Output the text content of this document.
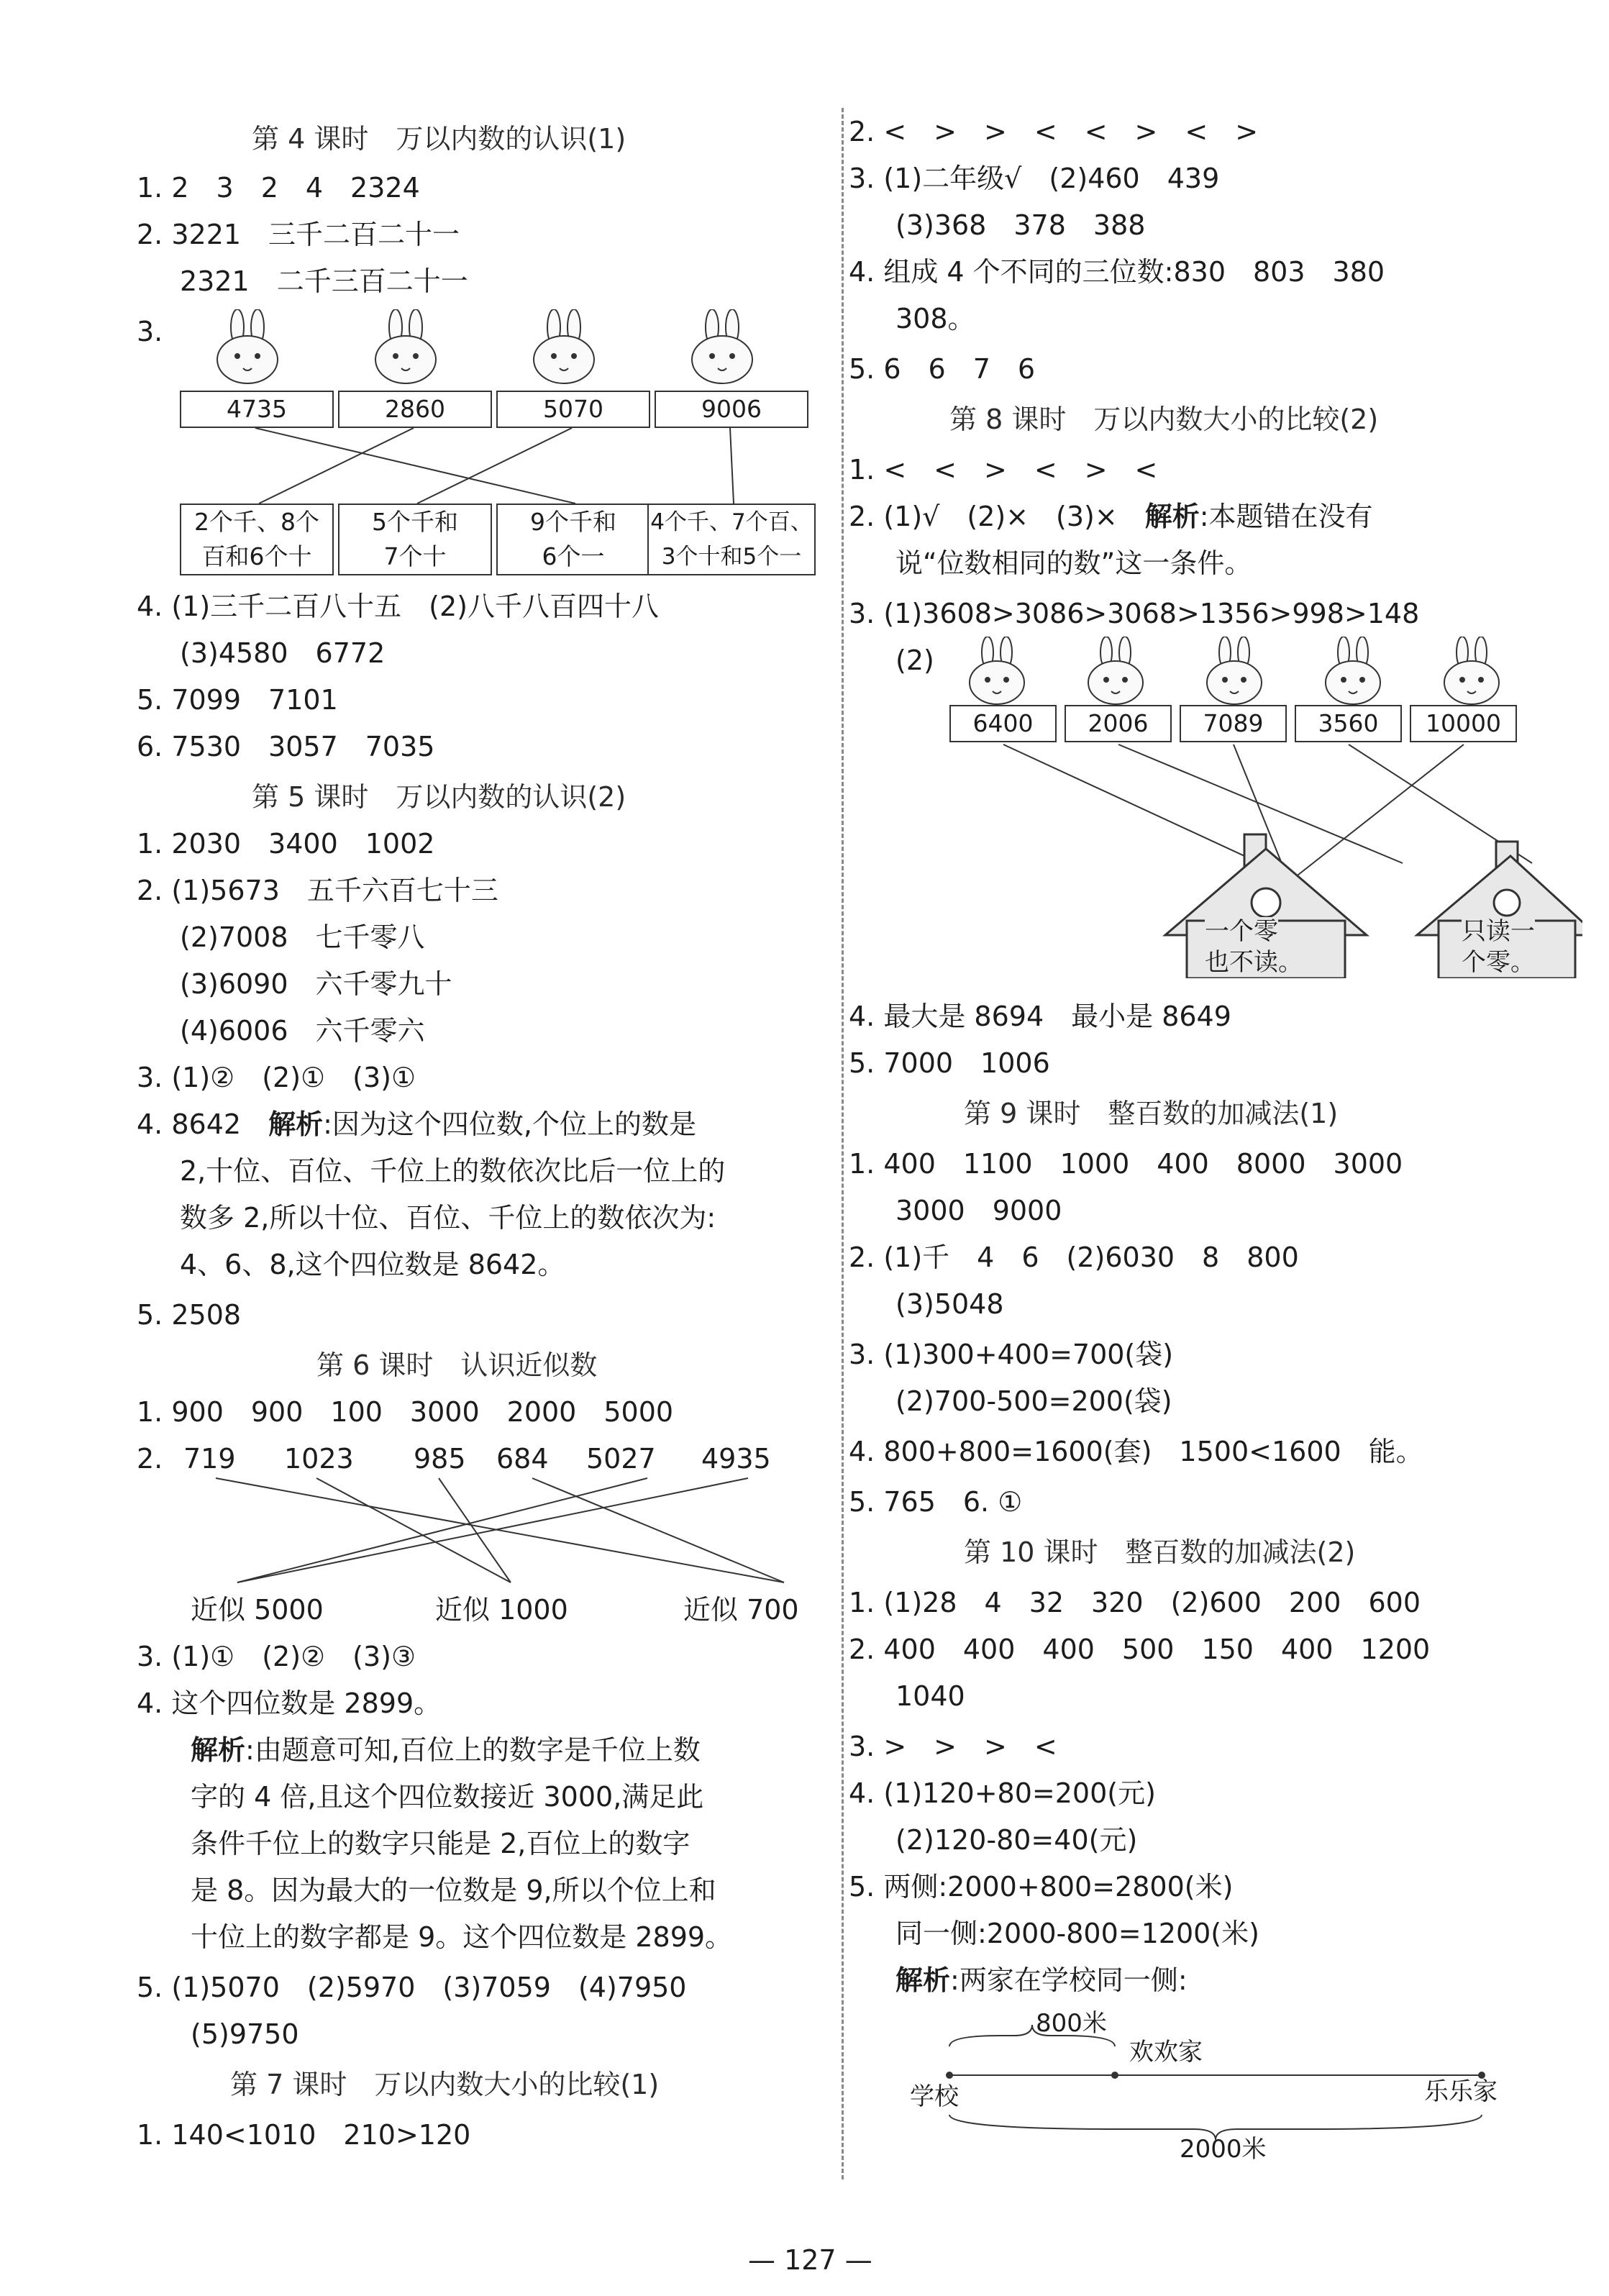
第 4 课时　万以内数的认识(1)
1. 2　3　2　4　2324
2. 3221　三千二百二十一
2321　二千三百二十一
3.
4735	2860	5070	9006
2个千、8个
百和6个十
5个千和
7个十
9个千和
6个一
4个千、7个百、
3个十和5个一
4. (1)三千二百八十五　(2)八千八百四十八
(3)4580　6772
5. 7099　7101
6. 7530　3057　7035
第 5 课时　万以内数的认识(2)
1. 2030　3400　1002
2. (1)5673　五千六百七十三
(2)7008　七千零八
(3)6090　六千零九十
(4)6006　六千零六
3. (1)②　(2)①　(3)①
4. 8642　 解析:因为这个四位数,个位上的数是
2,十位、百位、千位上的数依次比后一位上的
数多 2,所以十位、百位、千位上的数依次为:
4、6、8,这个四位数是 8642。
5. 2508
第 6 课时　认识近似数
1. 900　900　100　3000　2000　5000
2. 719 1023 985 684 5027 4935
近似 5000	近似 1000	近似 700
3. (1)①　(2)②　(3)③
4. 这个四位数是 2899。
解析:由题意可知,百位上的数字是千位上数
字的 4 倍,且这个四位数接近 3000,满足此
条件千位上的数字只能是 2,百位上的数字
是 8。因为最大的一位数是 9,所以个位上和
十位上的数字都是 9。这个四位数是 2899。
5. (1)5070　(2)5970　(3)7059　(4)7950
(5)9750
第 7 课时　万以内数大小的比较(1)
1. 140<1010　210>120
2. <　>　>　<　<　>　<　>
3. (1)二年级√　(2)460　439
(3)368　378　388
4. 组成 4 个不同的三位数:830　803　380
308。
5. 6　6　7　6
第 8 课时　万以内数大小的比较(2)
1. <　<　>　<　>　<
2. (1)√　(2)×　(3)×　解析:本题错在没有
说“位数相同的数”这一条件。
3. (1)3608>3086>3068>1356>998>148
(2)
6400	2006	7089	3560	10000
一个零
也不读。
只读一
个零。
4. 最大是 8694　最小是 8649
5. 7000　1006
第 9 课时　整百数的加减法(1)
1. 400　1100　1000　400　8000　3000
3000　9000
2. (1)千　4　6　(2)6030　8　800
(3)5048
3. (1)300+400=700(袋)
(2)700-500=200(袋)
4. 800+800=1600(套)　1500<1600　能。
5. 765　6. ①
第 10 课时　整百数的加减法(2)
1. (1)28　4　32　320　(2)600　200　600
2. 400　400　400　500　150　400　1200
1040
3. >　>　>　<
4. (1)120+80=200(元)
(2)120-80=40(元)
5. 两侧:2000+800=2800(米)
同一侧:2000-800=1200(米)
解析:两家在学校同一侧:
800米
欢欢家
学校	乐乐家
2000米
— 127 —
